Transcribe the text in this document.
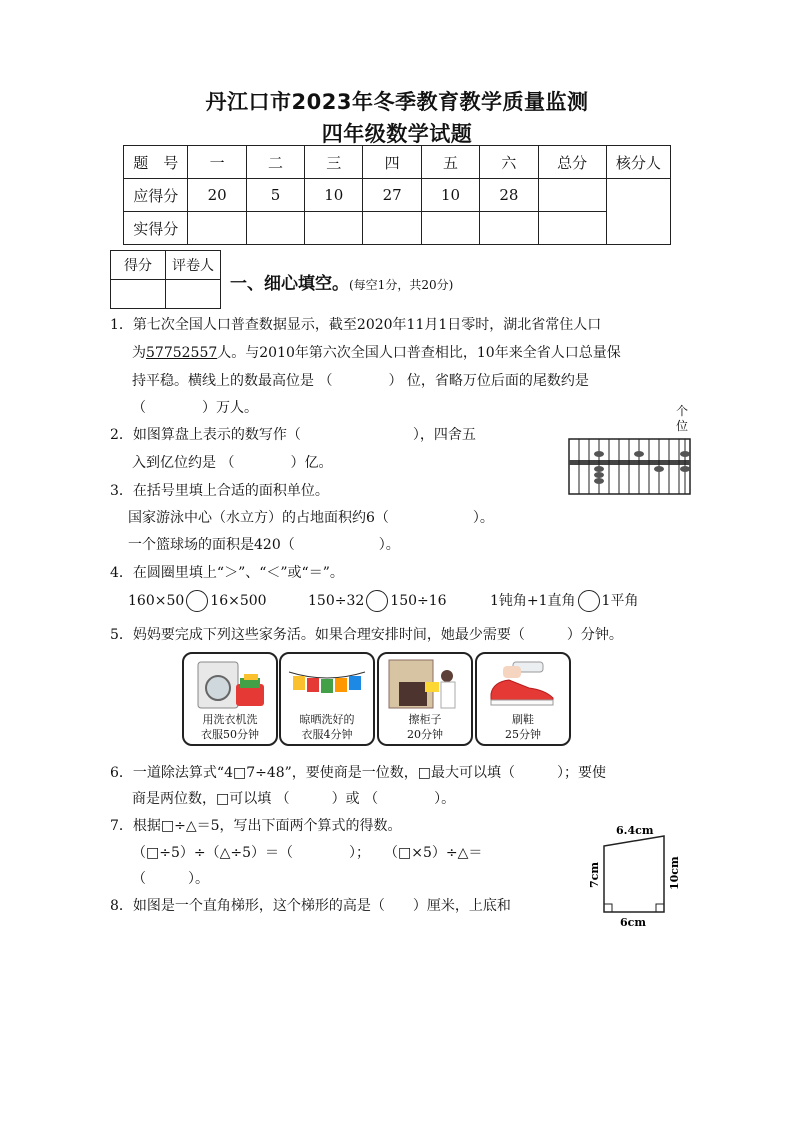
丹江口市2023年冬季教育教学质量监测
四年级数学试题
题　号	一	二	三	四	五	六	总分	核分人
应得分	20	5	10	27	10	28		
实得分								
得分	评卷人

一、细心填空。(每空1分，共20分)
1．第七次全国人口普查数据显示，截至2020年11月1日零时，湖北省常住人口
为57752557人。与2010年第六次全国人口普查相比，10年来全省人口总量保
持平稳。横线上的数最高位是 （　　　　） 位，省略万位后面的尾数约是
（　　　　）万人。
2．如图算盘上表示的数写作（　　　　　　　　），四舍五
入到亿位约是 （　　　　）亿。
个
位
3．在括号里填上合适的面积单位。
国家游泳中心（水立方）的占地面积约6（　　　　　　）。
一个篮球场的面积是420（　　　　　　）。
4．在圆圈里填上“＞”、“＜”或“＝”。
160×50 16×500	150÷32 150÷16	1钝角+1直角 1平角
5．妈妈要完成下列这些家务活。如果合理安排时间，她最少需要（　　　）分钟。
用洗衣机洗
衣服50分钟
晾晒洗好的
衣服4分钟
擦柜子
20分钟
刷鞋
25分钟
6．一道除法算式“4□7÷48”，要使商是一位数，□最大可以填（　　　）；要使
商是两位数，□可以填 （　　　）或 （　　　　）。
7．根据□÷△＝5，写出下面两个算式的得数。
（□÷5）÷（△÷5）＝（　　　　）；　　（□×5）÷△＝
（　　　）。
8．如图是一个直角梯形，这个梯形的高是（　　）厘米，上底和
6.4cm
6cm
7cm	10cm
